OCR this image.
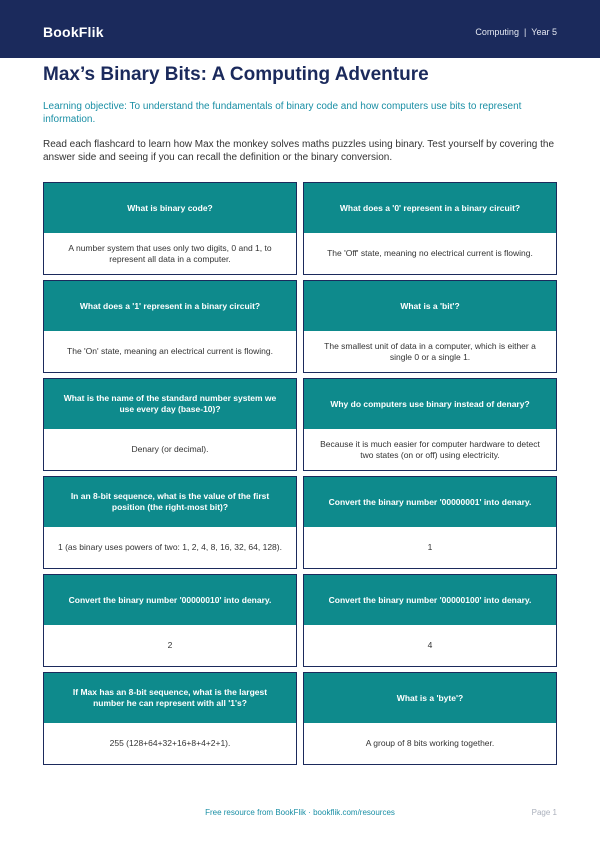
BookFlik	Computing | Year 5
Max’s Binary Bits: A Computing Adventure
Learning objective: To understand the fundamentals of binary code and how computers use bits to represent information.
Read each flashcard to learn how Max the monkey solves maths puzzles using binary. Test yourself by covering the answer side and seeing if you can recall the definition or the binary conversion.
What is binary code?
A number system that uses only two digits, 0 and 1, to represent all data in a computer.
What does a '0' represent in a binary circuit?
The 'Off' state, meaning no electrical current is flowing.
What does a '1' represent in a binary circuit?
The 'On' state, meaning an electrical current is flowing.
What is a 'bit'?
The smallest unit of data in a computer, which is either a single 0 or a single 1.
What is the name of the standard number system we use every day (base-10)?
Denary (or decimal).
Why do computers use binary instead of denary?
Because it is much easier for computer hardware to detect two states (on or off) using electricity.
In an 8-bit sequence, what is the value of the first position (the right-most bit)?
1 (as binary uses powers of two: 1, 2, 4, 8, 16, 32, 64, 128).
Convert the binary number '00000001' into denary.
1
Convert the binary number '00000010' into denary.
2
Convert the binary number '00000100' into denary.
4
If Max has an 8-bit sequence, what is the largest number he can represent with all '1's?
255 (128+64+32+16+8+4+2+1).
What is a 'byte'?
A group of 8 bits working together.
Free resource from BookFlik · bookflik.com/resources	Page 1
